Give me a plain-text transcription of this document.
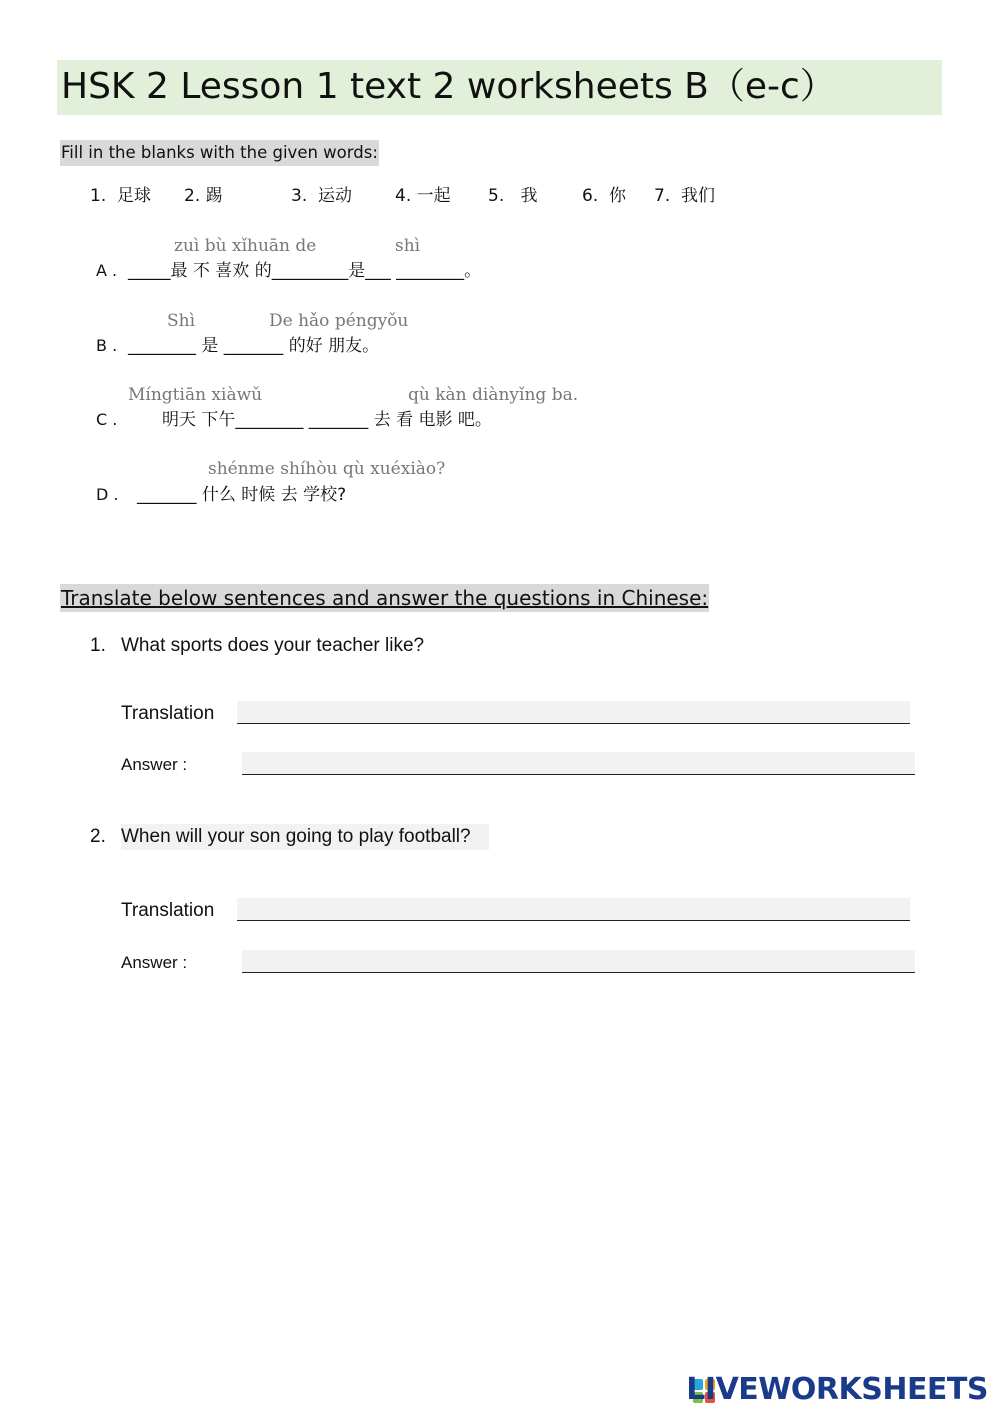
HSK 2 Lesson 1 text 2 worksheets B（e-c）
Fill in the blanks with the given words:
1. 足球 2. 踢	3. 运动	4. 一起 5. 我	6. 你 7. 我们
zuì bù xǐhuān de	shì
A . _____最 不 喜欢 的_________是___ ________。
Shì	De hǎo péngyǒu
B . ________ 是 _______ 的好 朋友。
Míngtiān xiàwǔ	qù kàn diànyǐng ba.
C .	明天 下午________ _______ 去 看 电影 吧。
shénme shíhòu qù xuéxiào?
D . _______ 什么 时候 去 学校?
Translate below sentences and answer the questions in Chinese:
1. What sports does your teacher like?
Translation
Answer :
2. When will your son going to play football?
Translation
Answer :
LIVEWORKSHEETS
